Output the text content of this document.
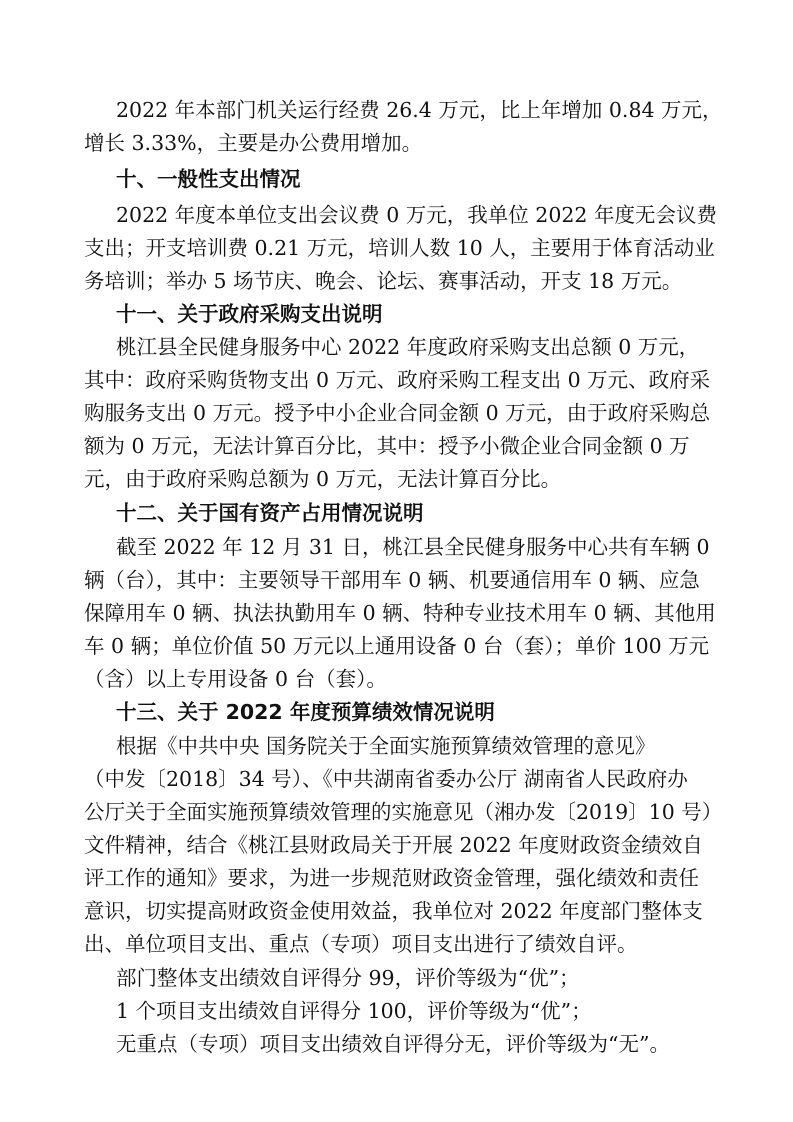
2022 年本部门机关运行经费 26.4 万元，比上年增加 0.84 万元，
增长 3.33%，主要是办公费用增加。
十、一般性支出情况
2022 年度本单位支出会议费 0 万元，我单位 2022 年度无会议费
支出；开支培训费 0.21 万元，培训人数 10 人，主要用于体育活动业
务培训；举办 5 场节庆、晚会、论坛、赛事活动，开支 18 万元。
十一、关于政府采购支出说明
桃江县全民健身服务中心 2022 年度政府采购支出总额 0 万元，
其中：政府采购货物支出 0 万元、政府采购工程支出 0 万元、政府采
购服务支出 0 万元。授予中小企业合同金额 0 万元，由于政府采购总
额为 0 万元，无法计算百分比，其中：授予小微企业合同金额 0 万
元，由于政府采购总额为 0 万元，无法计算百分比。
十二、关于国有资产占用情况说明
截至 2022 年 12 月 31 日，桃江县全民健身服务中心共有车辆 0
辆（台），其中：主要领导干部用车 0 辆、机要通信用车 0 辆、应急
保障用车 0 辆、执法执勤用车 0 辆、特种专业技术用车 0 辆、其他用
车 0 辆；单位价值 50 万元以上通用设备 0 台（套）；单价 100 万元
（含）以上专用设备 0 台（套）。
十三、关于 2022 年度预算绩效情况说明
根据《中共中央 国务院关于全面实施预算绩效管理的意见》
（中发〔2018〕34 号）、《中共湖南省委办公厅 湖南省人民政府办
公厅关于全面实施预算绩效管理的实施意见（湘办发〔2019〕10 号）
文件精神，结合《桃江县财政局关于开展 2022 年度财政资金绩效自
评工作的通知》要求，为进一步规范财政资金管理，强化绩效和责任
意识，切实提高财政资金使用效益，我单位对 2022 年度部门整体支
出、单位项目支出、重点（专项）项目支出进行了绩效自评。
部门整体支出绩效自评得分 99，评价等级为“优”；
1 个项目支出绩效自评得分 100，评价等级为“优”；
无重点（专项）项目支出绩效自评得分无，评价等级为“无”。
